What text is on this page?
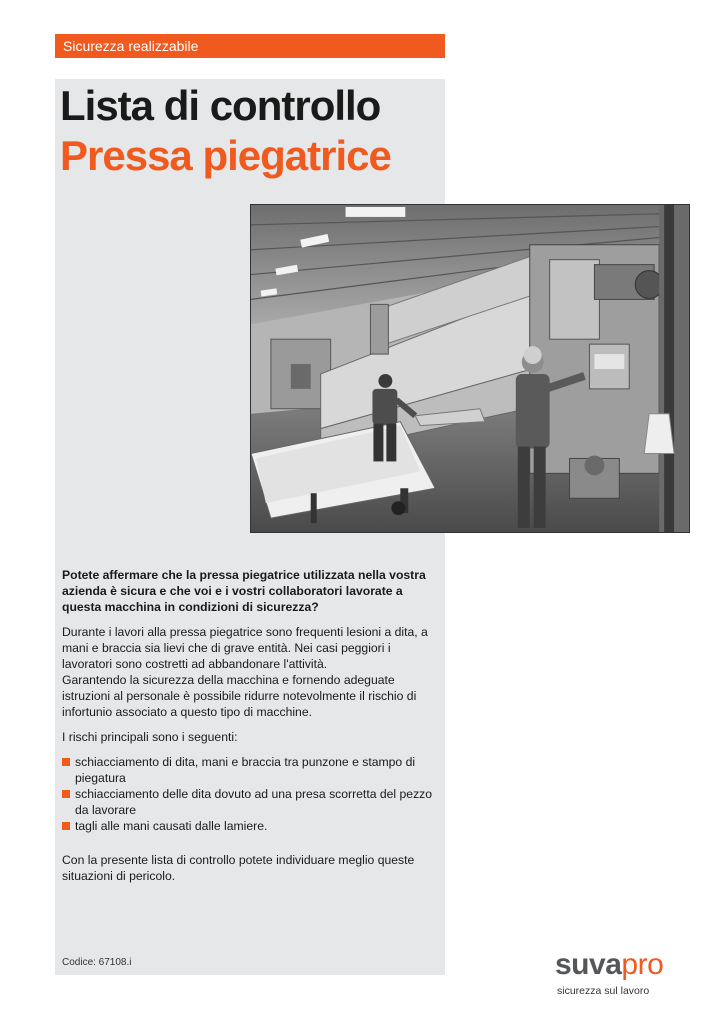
Sicurezza realizzabile
Lista di controllo
Pressa piegatrice

Potete affermare che la pressa piegatrice utilizzata nella vostra azienda è sicura e che voi e i vostri collaboratori lavorate a questa macchina in condizioni di sicurezza?

Durante i lavori alla pressa piegatrice sono frequenti lesioni a dita, a mani e braccia sia lievi che di grave entità. Nei casi peggiori i lavoratori sono costretti ad abbandonare l'attività.

Garantendo la sicurezza della macchina e fornendo adeguate istruzioni al personale è possibile ridurre notevolmente il rischio di infortunio associato a questo tipo di macchine.

I rischi principali sono i seguenti:

schiacciamento di dita, mani e braccia tra punzone e stampo di piegatura
schiacciamento delle dita dovuto ad una presa scorretta del pezzo da lavorare
tagli alle mani causati dalle lamiere.

Con la presente lista di controllo potete individuare meglio queste situazioni di pericolo.

Codice: 67108.i	suvapro
sicurezza sul lavoro
